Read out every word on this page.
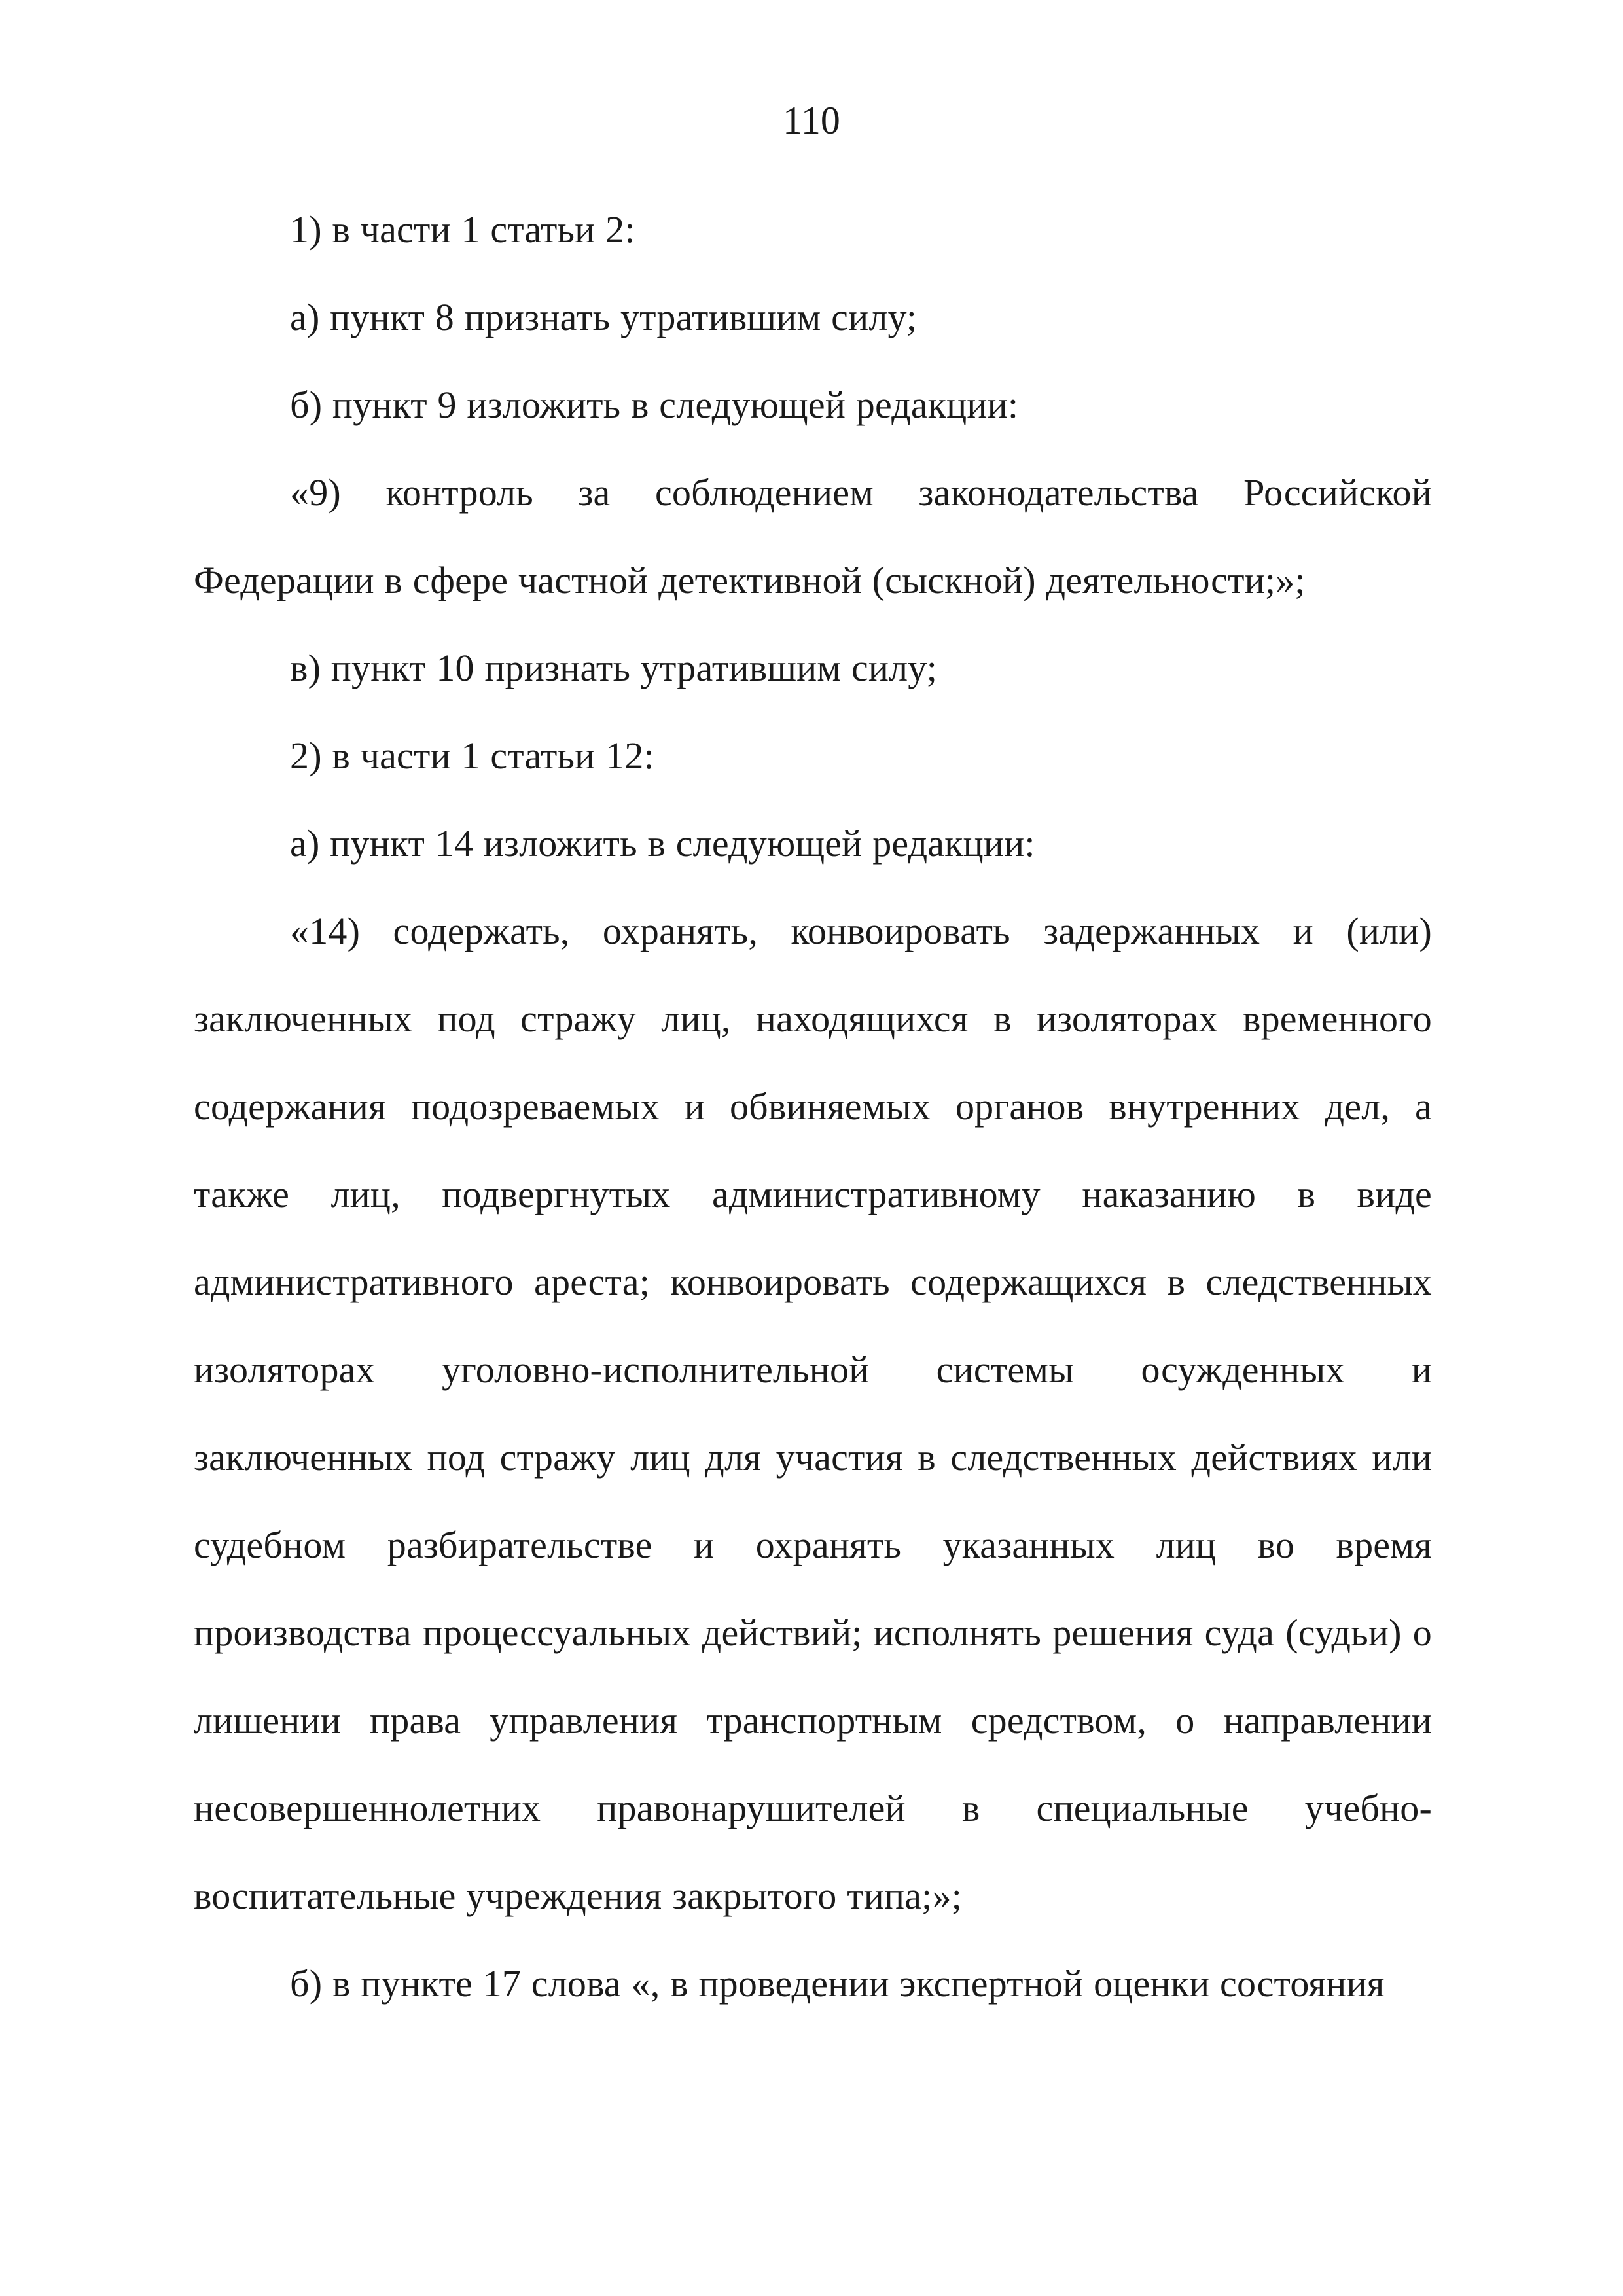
110

1) в части 1 статьи 2:

а) пункт 8 признать утратившим силу;

б) пункт 9 изложить в следующей редакции:

«9) контроль за соблюдением законодательства Российской Федерации в сфере частной детективной (сыскной) деятельности;»;

в) пункт 10 признать утратившим силу;

2) в части 1 статьи 12:

а) пункт 14 изложить в следующей редакции:

«14) содержать, охранять, конвоировать задержанных и (или) заключенных под стражу лиц, находящихся в изоляторах временного содержания подозреваемых и обвиняемых органов внутренних дел, а также лиц, подвергнутых административному наказанию в виде административного ареста; конвоировать содержащихся в следственных изоляторах уголовно-исполнительной системы осужденных и заключенных под стражу лиц для участия в следственных действиях или судебном разбирательстве и охранять указанных лиц во время производства процессуальных действий; исполнять решения суда (судьи) о лишении права управления транспортным средством, о направлении несовершеннолетних правонарушителей в специальные учебно-воспитательные учреждения закрытого типа;»;

б) в пункте 17 слова «, в проведении экспертной оценки состояния
